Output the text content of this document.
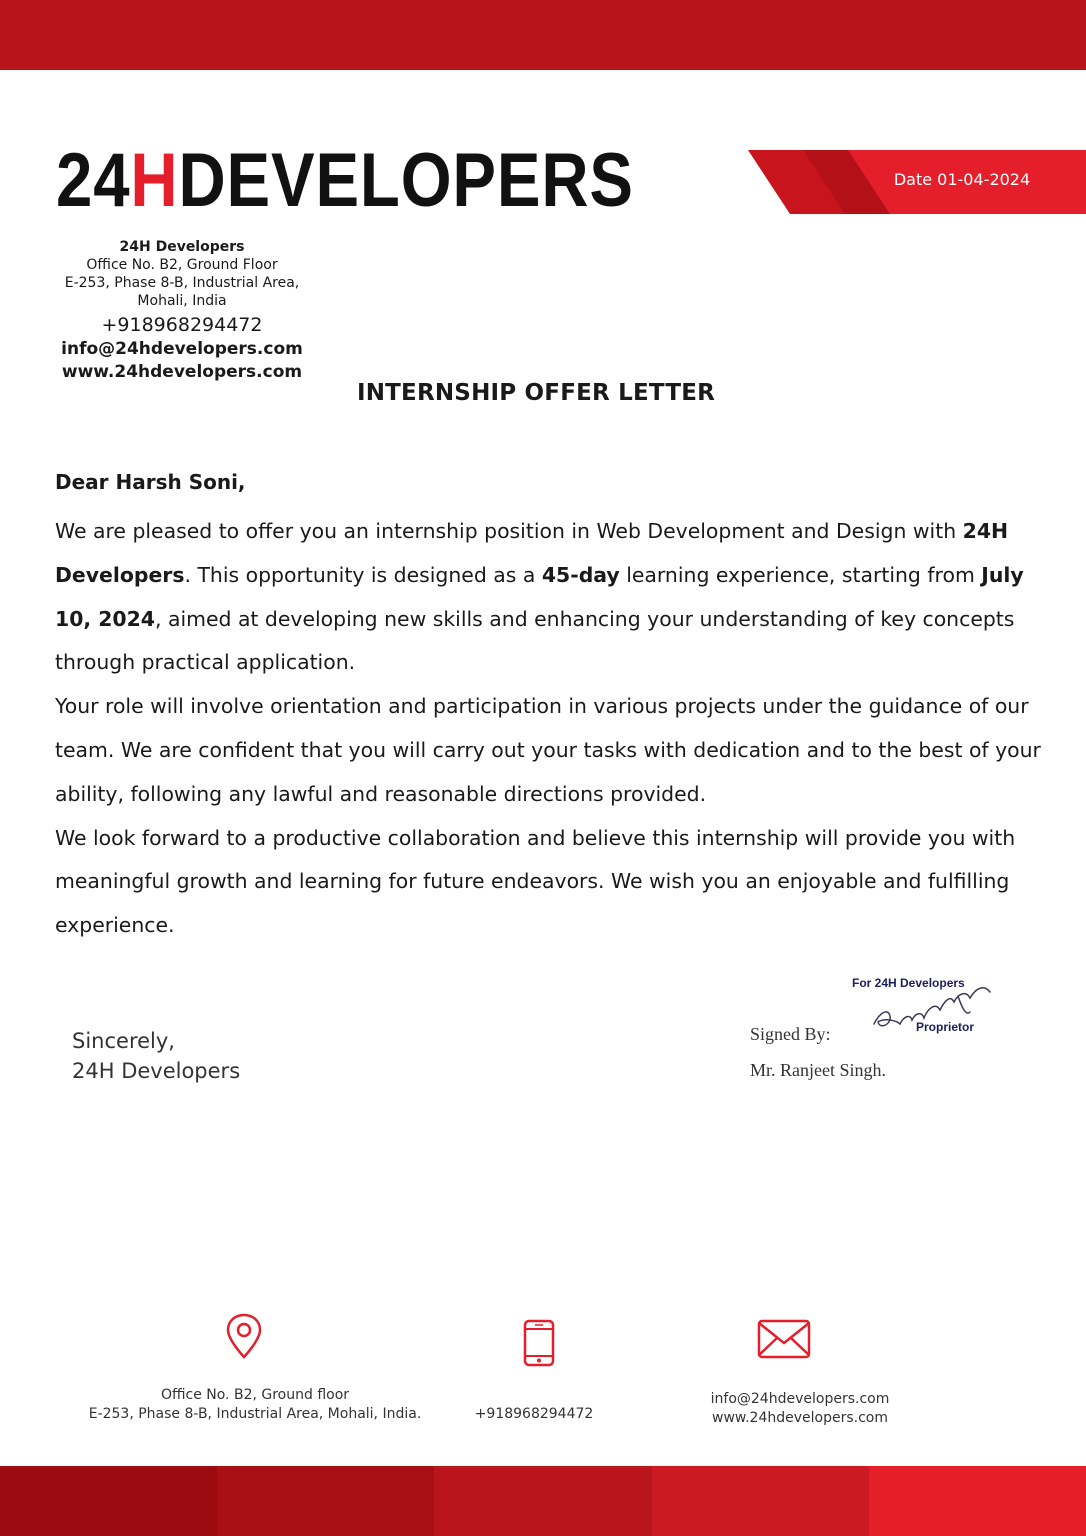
24 H DEVELOPERS	Date 01-04-2024
24H Developers
Office No. B2, Ground Floor
E-253, Phase 8-B, Industrial Area,
Mohali, India
+918968294472
info@24hdevelopers.com
www.24hdevelopers.com
INTERNSHIP OFFER LETTER
Dear Harsh Soni,

We are pleased to offer you an internship position in Web Development and Design with 24H Developers. This opportunity is designed as a 45-day learning experience, starting from July 10, 2024, aimed at developing new skills and enhancing your understanding of key concepts through practical application.

Your role will involve orientation and participation in various projects under the guidance of our team. We are confident that you will carry out your tasks with dedication and to the best of your ability, following any lawful and reasonable directions provided.

We look forward to a productive collaboration and believe this internship will provide you with meaningful growth and learning for future endeavors. We wish you an enjoyable and fulfilling experience.

Sincerely,
24H Developers
For 24H Developers
Proprietor
Signed By:
Mr. Ranjeet Singh.
Office No. B2, Ground floor
E-253, Phase 8-B, Industrial Area, Mohali, India.	+918968294472
info@24hdevelopers.com
www.24hdevelopers.com
